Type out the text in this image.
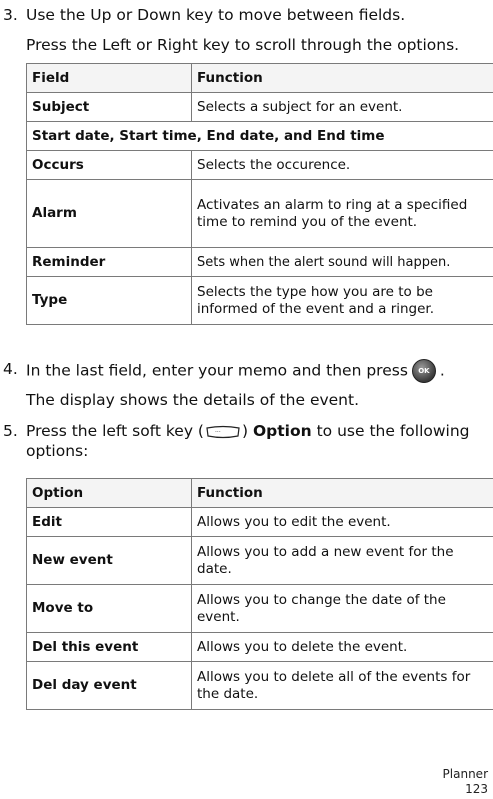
3. Use the Up or Down key to move between fields.
Press the Left or Right key to scroll through the options.
Field	Function
Subject	Selects a subject for an event.
Start date, Start time, End date, and End time	
Occurs	Selects the occurence.
Alarm	Activates an alarm to ring at a specified time to remind you of the event.
Reminder	Sets when the alert sound will happen.
Type	Selects the type how you are to be informed of the event and a ringer.
4. In the last field, enter your memo and then press OK .
The display shows the details of the event.
5. Press the left soft key ( ··· ) Option to use the following options:
Option	Function
Edit	Allows you to edit the event.
New event	Allows you to add a new event for the date.
Move to	Allows you to change the date of the event.
Del this event	Allows you to delete the event.
Del day event	Allows you to delete all of the events for the date.
Planner
123
